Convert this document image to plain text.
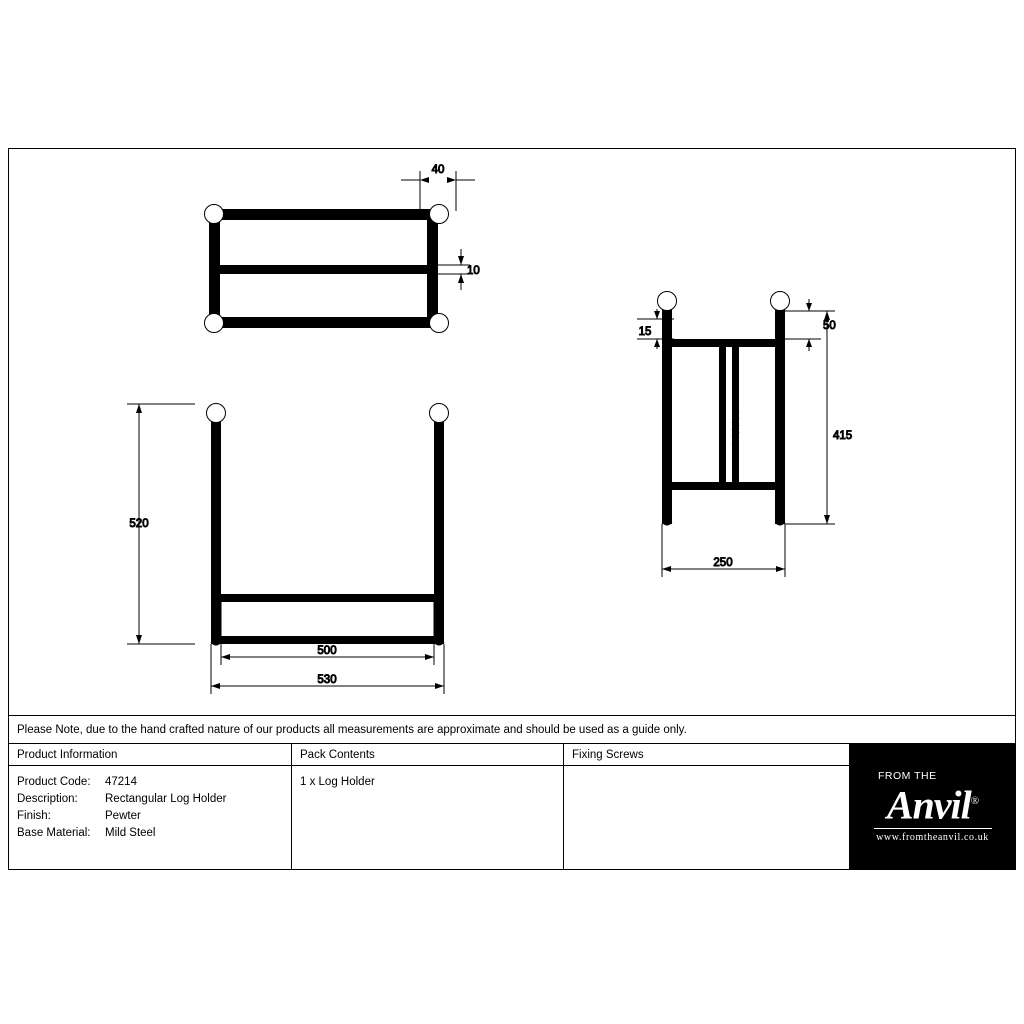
40
10
520
500
530
15	50
415
250
Please Note, due to the hand crafted nature of our products all measurements are approximate and should be used as a guide only.
Product Information
Product Code:	47214
Description:	Rectangular Log Holder
Finish:	Pewter
Base Material:	Mild Steel
Pack Contents
1 x Log Holder
Fixing Screws
FROM THE
Anvil®
www.fromtheanvil.co.uk
